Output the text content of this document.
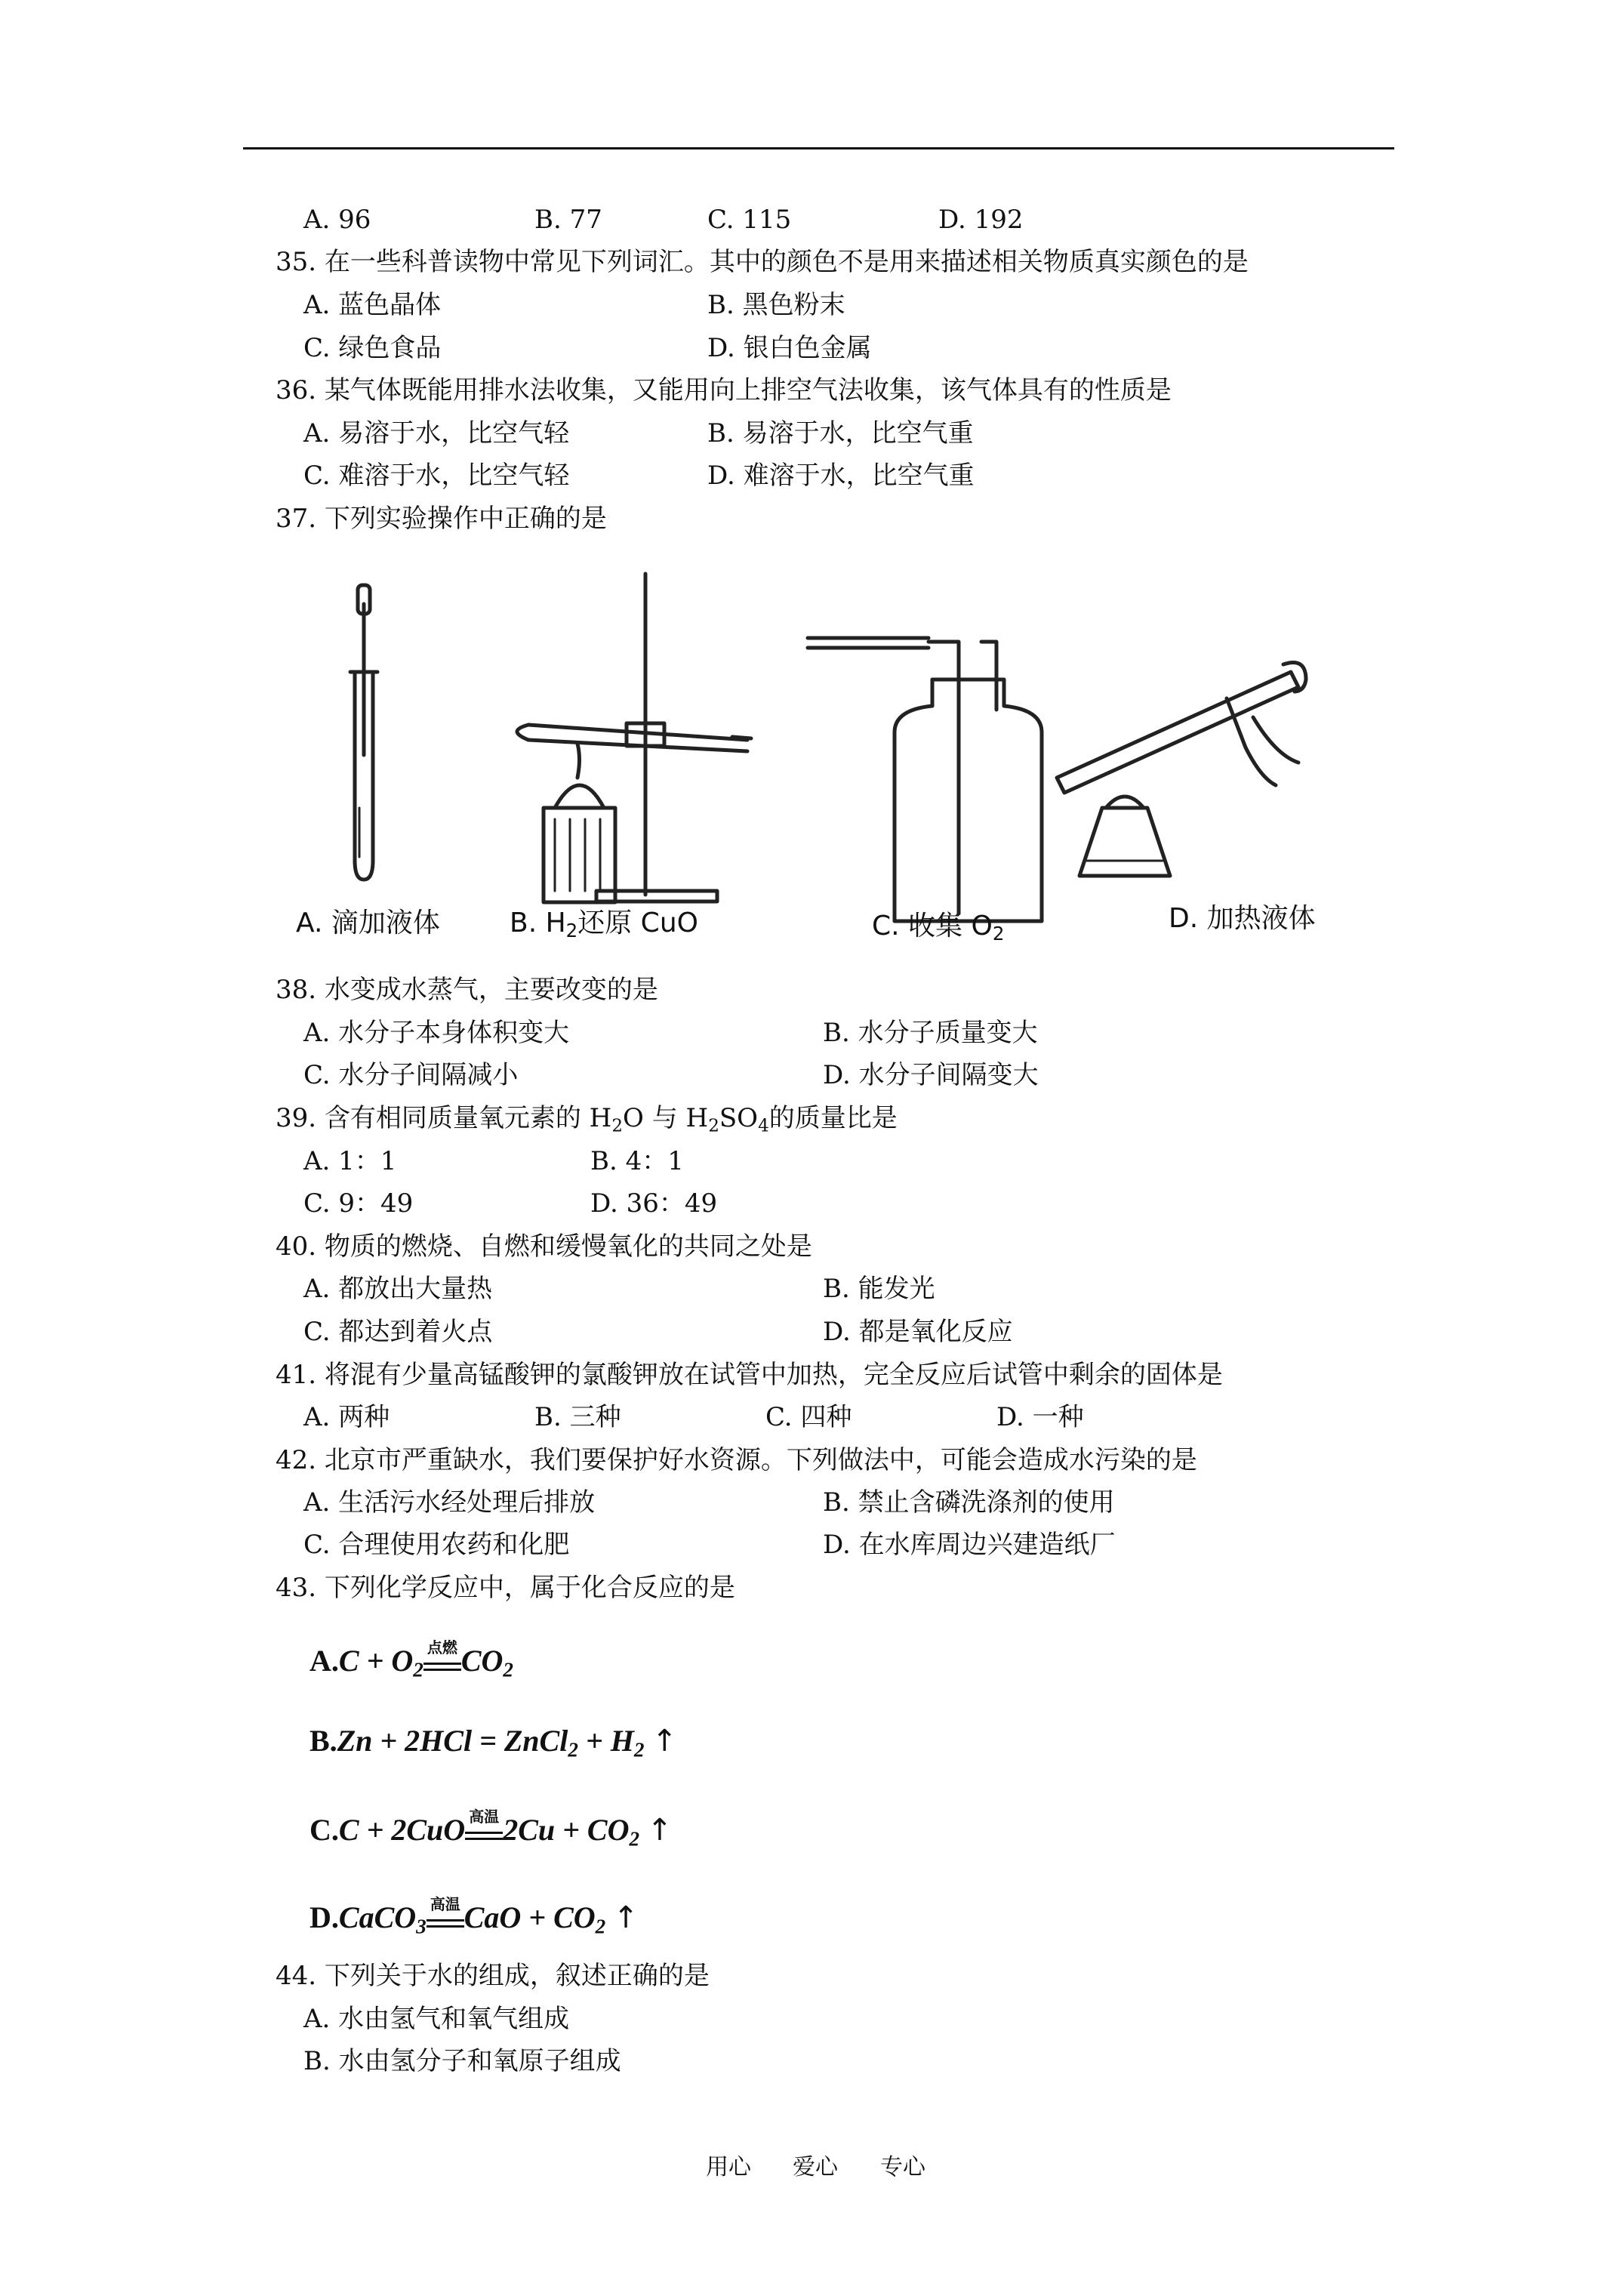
A. 96	B. 77	C. 115	D. 192
35. 在一些科普读物中常见下列词汇。其中的颜色不是用来描述相关物质真实颜色的是
A. 蓝色晶体	B. 黑色粉末
C. 绿色食品	D. 银白色金属
36. 某气体既能用排水法收集，又能用向上排空气法收集，该气体具有的性质是
A. 易溶于水，比空气轻	B. 易溶于水，比空气重
C. 难溶于水，比空气轻	D. 难溶于水，比空气重
37. 下列实验操作中正确的是
A. 滴加液体	B. $H_2$还原 CuO	C. 收集 $O_2$	D. 加热液体
38. 水变成水蒸气，主要改变的是
A. 水分子本身体积变大	B. 水分子质量变大
C. 水分子间隔减小	D. 水分子间隔变大
39. 含有相同质量氧元素的 $H_2O$ 与 $H_2SO_4$的质量比是
A. 1：1	B. 4：1
C. 9：49	D. 36：49
40. 物质的燃烧、自燃和缓慢氧化的共同之处是
A. 都放出大量热	B. 能发光
C. 都达到着火点	D. 都是氧化反应
41. 将混有少量高锰酸钾的氯酸钾放在试管中加热，完全反应后试管中剩余的固体是
A. 两种	B. 三种	C. 四种	D. 一种
42. 北京市严重缺水，我们要保护好水资源。下列做法中，可能会造成水污染的是
A. 生活污水经处理后排放	B. 禁止含磷洗涤剂的使用
C. 合理使用农药和化肥	D. 在水库周边兴建造纸厂
43. 下列化学反应中，属于化合反应的是
$A.C + O_2$
点燃 $CO_2$
B.Zn + 2HCl = ZnCl$_2$ + $H_2$ ↑
C.C + 2CuO 高温 $2Cu + CO_2$ ↑
D.CaCO$_3$
高温 CaO + $CO_2$ ↑
44. 下列关于水的组成，叙述正确的是
A. 水由氢气和氧气组成
B. 水由氢分子和氧原子组成
用心 爱心 专心
